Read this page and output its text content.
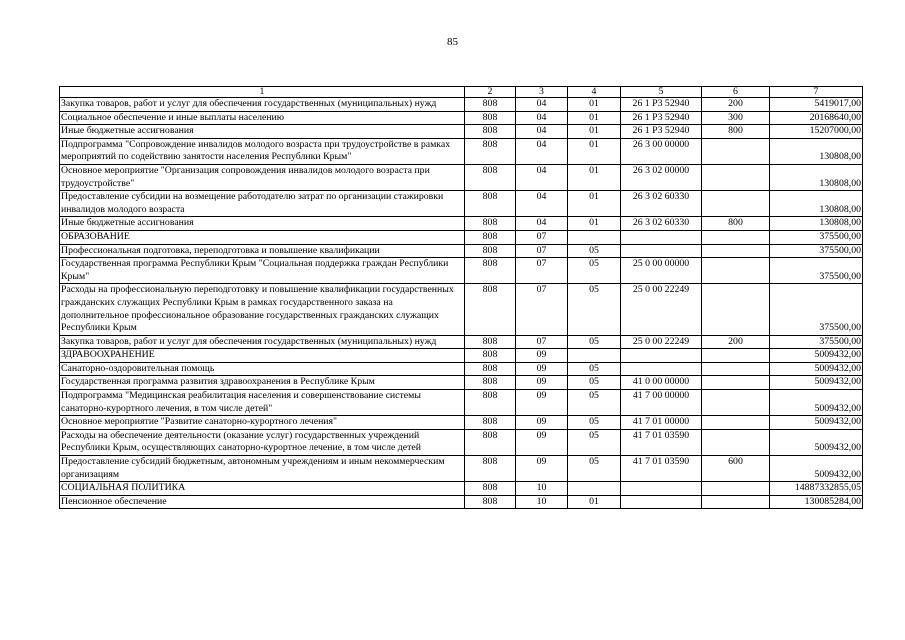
85
1	2	3	4	5	6	7
Закупка товаров, работ и услуг для обеспечения государственных (муниципальных) нужд	808	04	01	26 1 Р3 52940	200	5419017,00
Социальное обеспечение и иные выплаты населению	808	04	01	26 1 Р3 52940	300	20168640,00
Иные бюджетные ассигнования	808	04	01	26 1 Р3 52940	800	15207000,00
Подпрограмма "Сопровождение инвалидов молодого возраста при трудоустройстве в рамках мероприятий по содействию занятости населения Республики Крым"	808	04	01	26 3 00 00000		130808,00
Основное мероприятие "Организация сопровождения инвалидов молодого возраста при трудоустройстве"	808	04	01	26 3 02 00000		130808,00
Предоставление субсидии на возмещение работодателю затрат по организации стажировки инвалидов молодого возраста	808	04	01	26 3 02 60330		130808,00
Иные бюджетные ассигнования	808	04	01	26 3 02 60330	800	130808,00
ОБРАЗОВАНИЕ	808	07				375500,00
Профессиональная подготовка, переподготовка и повышение квалификации	808	07	05			375500,00
Государственная программа Республики Крым "Социальная поддержка граждан Республики Крым"	808	07	05	25 0 00 00000		375500,00
Расходы на профессиональную переподготовку и повышение квалификации государственных гражданских служащих Республики Крым в рамках государственного заказа на дополнительное профессиональное образование государственных гражданских служащих Республики Крым	808	07	05	25 0 00 22249		375500,00
Закупка товаров, работ и услуг для обеспечения государственных (муниципальных) нужд	808	07	05	25 0 00 22249	200	375500,00
ЗДРАВООХРАНЕНИЕ	808	09				5009432,00
Санаторно-оздоровительная помощь	808	09	05			5009432,00
Государственная программа развития здравоохранения в Республике Крым	808	09	05	41 0 00 00000		5009432,00
Подпрограмма "Медицинская реабилитация населения и совершенствование системы санаторно-курортного лечения, в том числе детей"	808	09	05	41 7 00 00000		5009432,00
Основное мероприятие "Развитие санаторно-курортного лечения"	808	09	05	41 7 01 00000		5009432,00
Расходы на обеспечение деятельности (оказание услуг) государственных учреждений Республики Крым, осуществляющих санаторно-курортное лечение, в том числе детей	808	09	05	41 7 01 03590		5009432,00
Предоставление субсидий бюджетным, автономным учреждениям и иным некоммерческим организациям	808	09	05	41 7 01 03590	600	5009432,00
СОЦИАЛЬНАЯ ПОЛИТИКА	808	10				14887332855,05
Пенсионное обеспечение	808	10	01			130085284,00
